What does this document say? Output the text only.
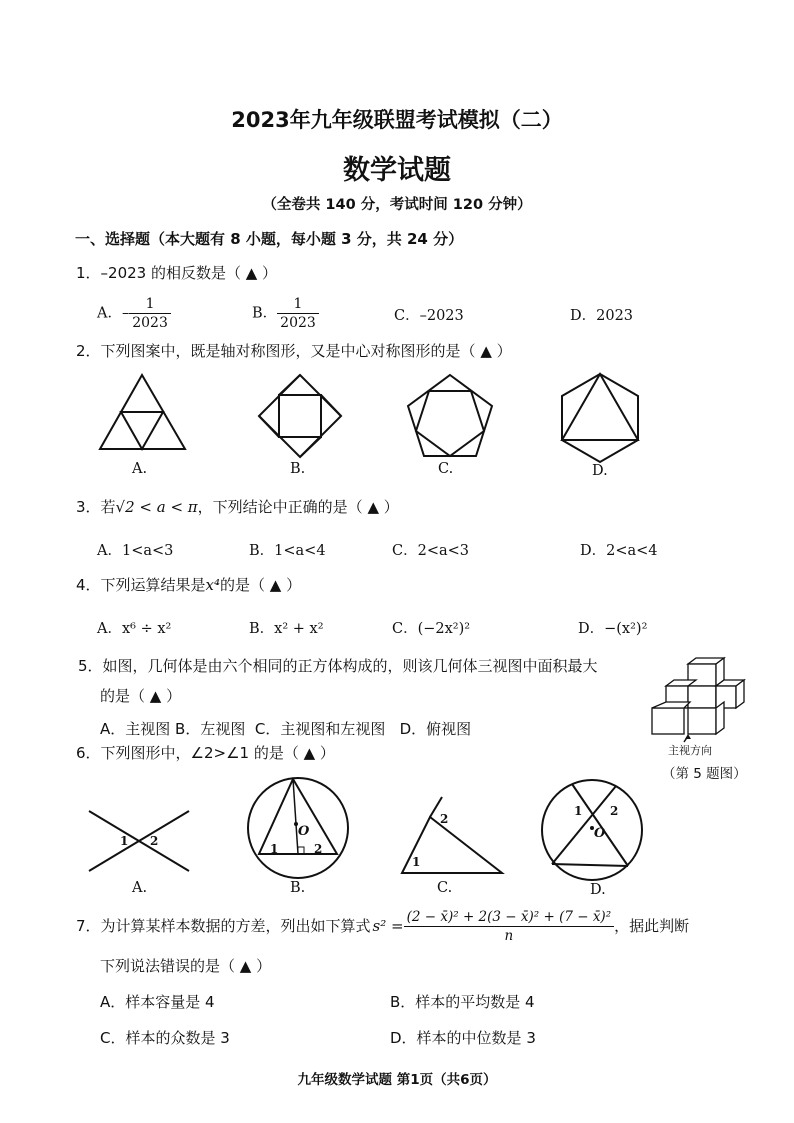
2023年九年级联盟考试模拟（二）
数学试题
（全卷共 140 分，考试时间 120 分钟）
一、选择题（本大题有 8 小题，每小题 3 分，共 24 分）
1．–2023 的相反数是（ ▲ ）
A．– $\frac{1}{2023}$	B． $\frac{1}{2023}$	C．–2023	D．2023
2．下列图案中，既是轴对称图形，又是中心对称图形的是（ ▲ ）
A.	B.	C.	D.
3．若√2 < a < π，下列结论中正确的是（ ▲ ）
A．1<a<3	B．1<a<4	C．2<a<3	D．2<a<4
4．下列运算结果是x⁴的是（ ▲ ）
A．x⁶ ÷ x²	B．x² + x²	C．(−2x²)²	D．−(x²)²
5．如图，几何体是由六个相同的正方体构成的，则该几何体三视图中面积最大
的是（ ▲ ）
A．主视图 B．左视图  C．主视图和左视图   D．俯视图
主视方向
（第 5 题图）
6．下列图形中，∠2>∠1 的是（ ▲ ）
1 2
O
1	2
2
1
1 2
O
A.	B.	C.	D.
7．为计算某样本数据的方差，列出如下算式 $s^2 = \frac{\text{(2 − x̄)² + 2(3 − x̄)² + (7 − x̄)²}}{n}$ ，据此判断
下列说法错误的是（ ▲ ）
A．样本容量是 4	B．样本的平均数是 4
C．样本的众数是 3	D．样本的中位数是 3
九年级数学试题 第1页（共6页）
